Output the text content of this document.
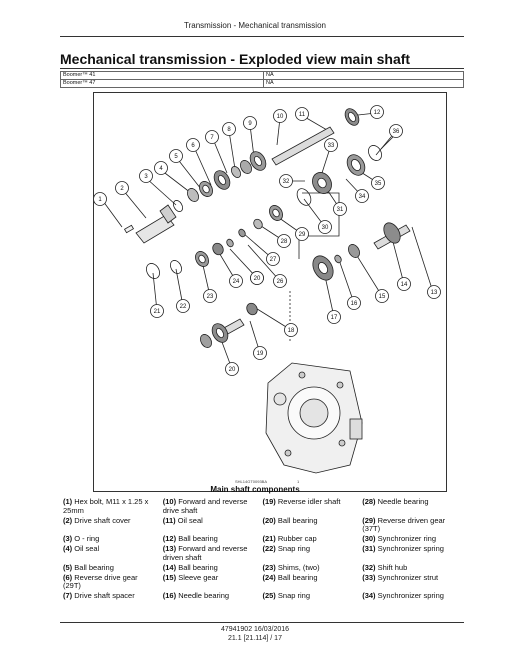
Transmission - Mechanical transmission
Mechanical transmission - Exploded view main shaft
Boomer™ 41	NA
Boomer™ 47	NA
1
2
3
4
5
6
7
8
9
10	11	12
13
14
15
16
17
18
19
20
20
21
22
23
24	26
27
28
29
30
31
32
33
34
35
36
SHL14GT0093BA	1
Main shaft components
(1) Hex bolt, M11 x 1.25 x 25mm	(10) Forward and reverse drive shaft	(19) Reverse idler shaft	(28) Needle bearing
(2) Drive shaft cover	(11) Oil seal	(20) Ball bearing	(29) Reverse driven gear (37T)
(3) O - ring	(12) Ball bearing	(21) Rubber cap	(30) Synchronizer ring
(4) Oil seal	(13) Forward and reverse driven shaft	(22) Snap ring	(31) Synchronizer spring
(5) Ball bearing	(14) Ball bearing	(23) Shims, (two)	(32) Shift hub
(6) Reverse drive gear (29T)	(15) Sleeve gear	(24) Ball bearing	(33) Synchronizer strut
(7) Drive shaft spacer	(16) Needle bearing	(25) Snap ring	(34) Synchronizer spring
47941902 16/03/2016
21.1 [21.114] / 17
